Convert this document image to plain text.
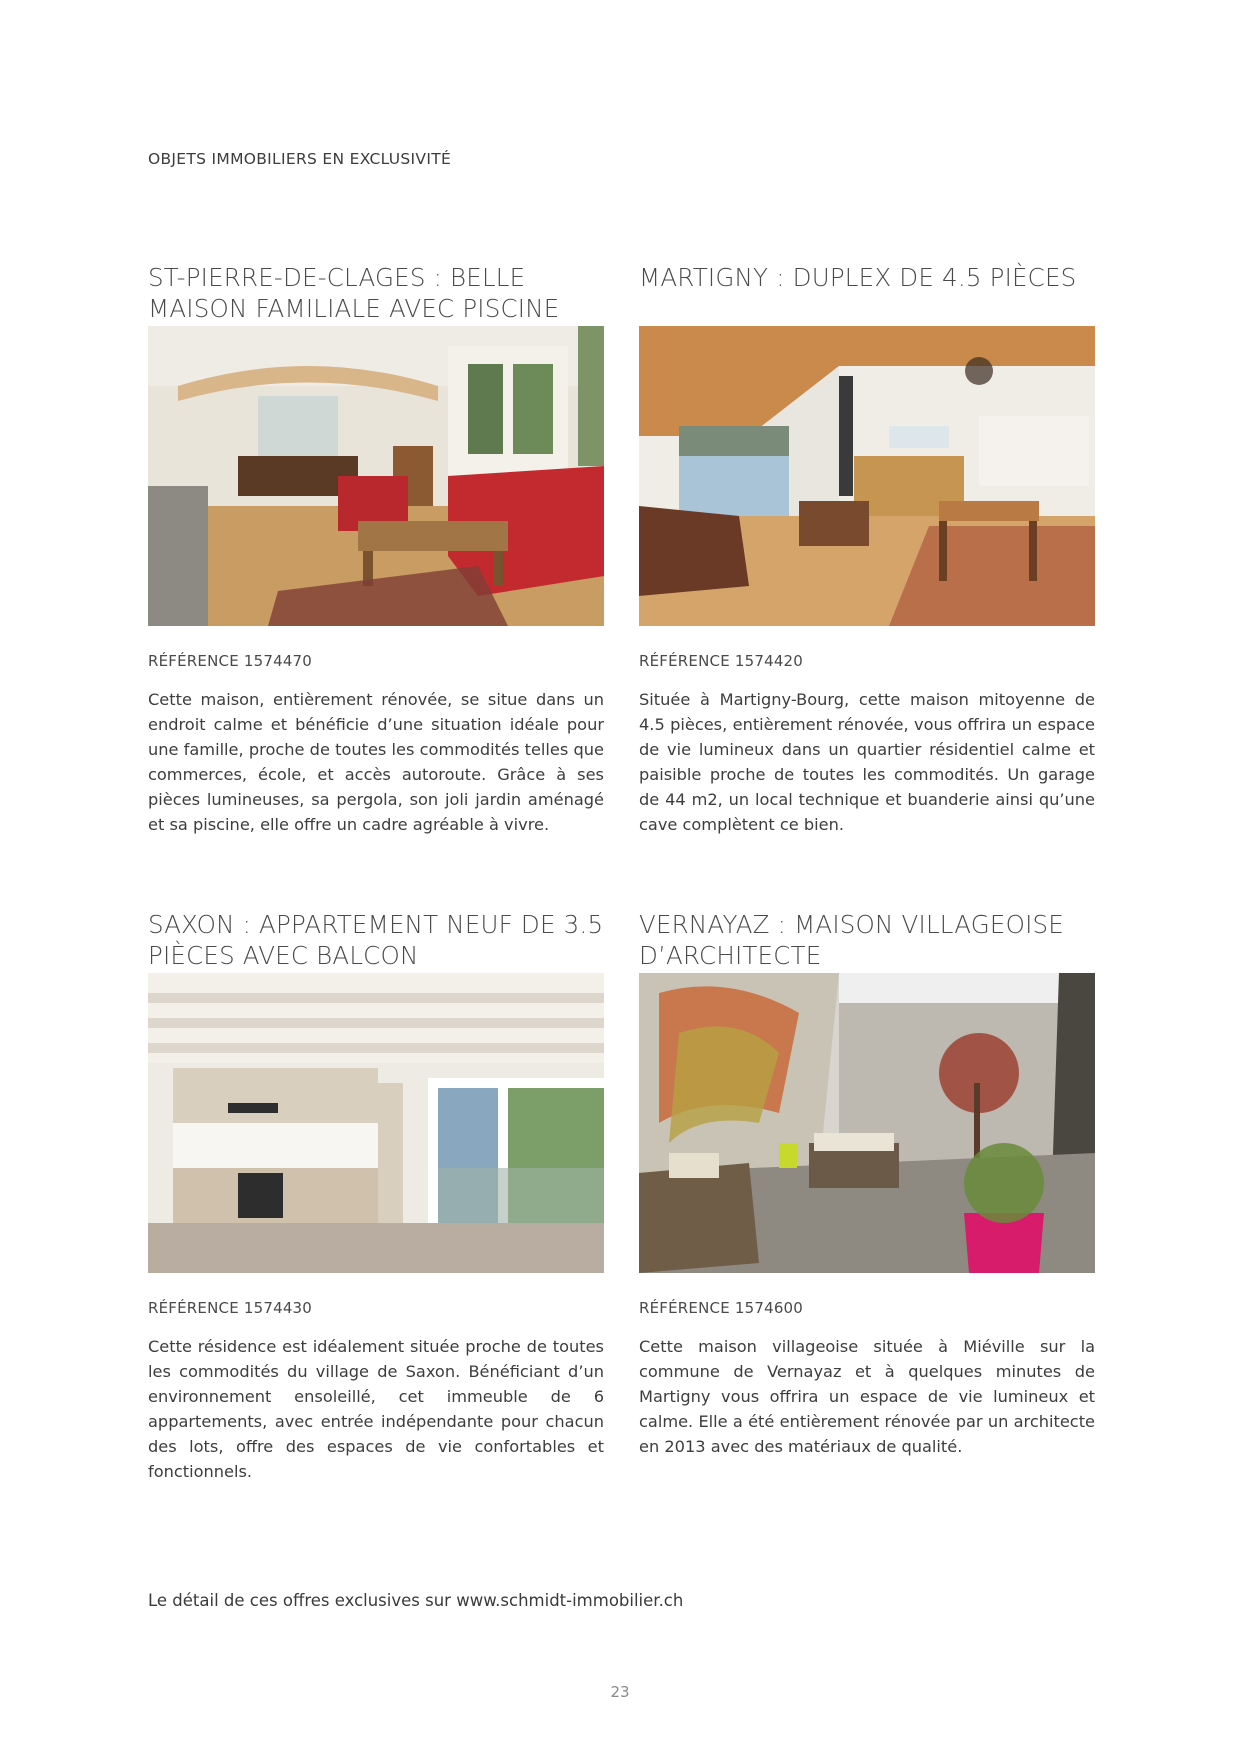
OBJETS IMMOBILIERS EN EXCLUSIVITÉ
ST-PIERRE-DE-CLAGES : BELLE MAISON FAMILIALE AVEC PISCINE
RÉFÉRENCE 1574470
Cette maison, entièrement rénovée, se situe dans un endroit calme et bénéficie d’une situation idéale pour une famille, proche de toutes les commodités telles que commerces, école, et accès autoroute. Grâce à ses pièces lumineuses, sa pergola, son joli jardin aménagé et sa piscine, elle offre un cadre agréable à vivre.
MARTIGNY : DUPLEX DE 4.5 PIÈCES
RÉFÉRENCE 1574420
Située à Martigny-Bourg, cette maison mitoyenne de 4.5 pièces, entièrement rénovée, vous offrira un espace de vie lumineux dans un quartier résidentiel calme et paisible proche de toutes les commodités. Un garage de 44 m2, un local technique et buanderie ainsi qu’une cave complètent ce bien.
SAXON : APPARTEMENT NEUF DE 3.5 PIÈCES AVEC BALCON
RÉFÉRENCE 1574430
Cette résidence est idéalement située proche de toutes les commodités du village de Saxon. Bénéficiant d’un environnement ensoleillé, cet immeuble de 6 appartements, avec entrée indépendante pour chacun des lots, offre des espaces de vie confortables et fonctionnels.
VERNAYAZ : MAISON VILLAGEOISE D’ARCHITECTE
RÉFÉRENCE 1574600
Cette maison villageoise située à Miéville sur la commune de Vernayaz et à quelques minutes de Martigny vous offrira un espace de vie lumineux et calme. Elle a été entièrement rénovée par un architecte en 2013 avec des matériaux de qualité.
Le détail de ces offres exclusives sur www.schmidt-immobilier.ch
23
